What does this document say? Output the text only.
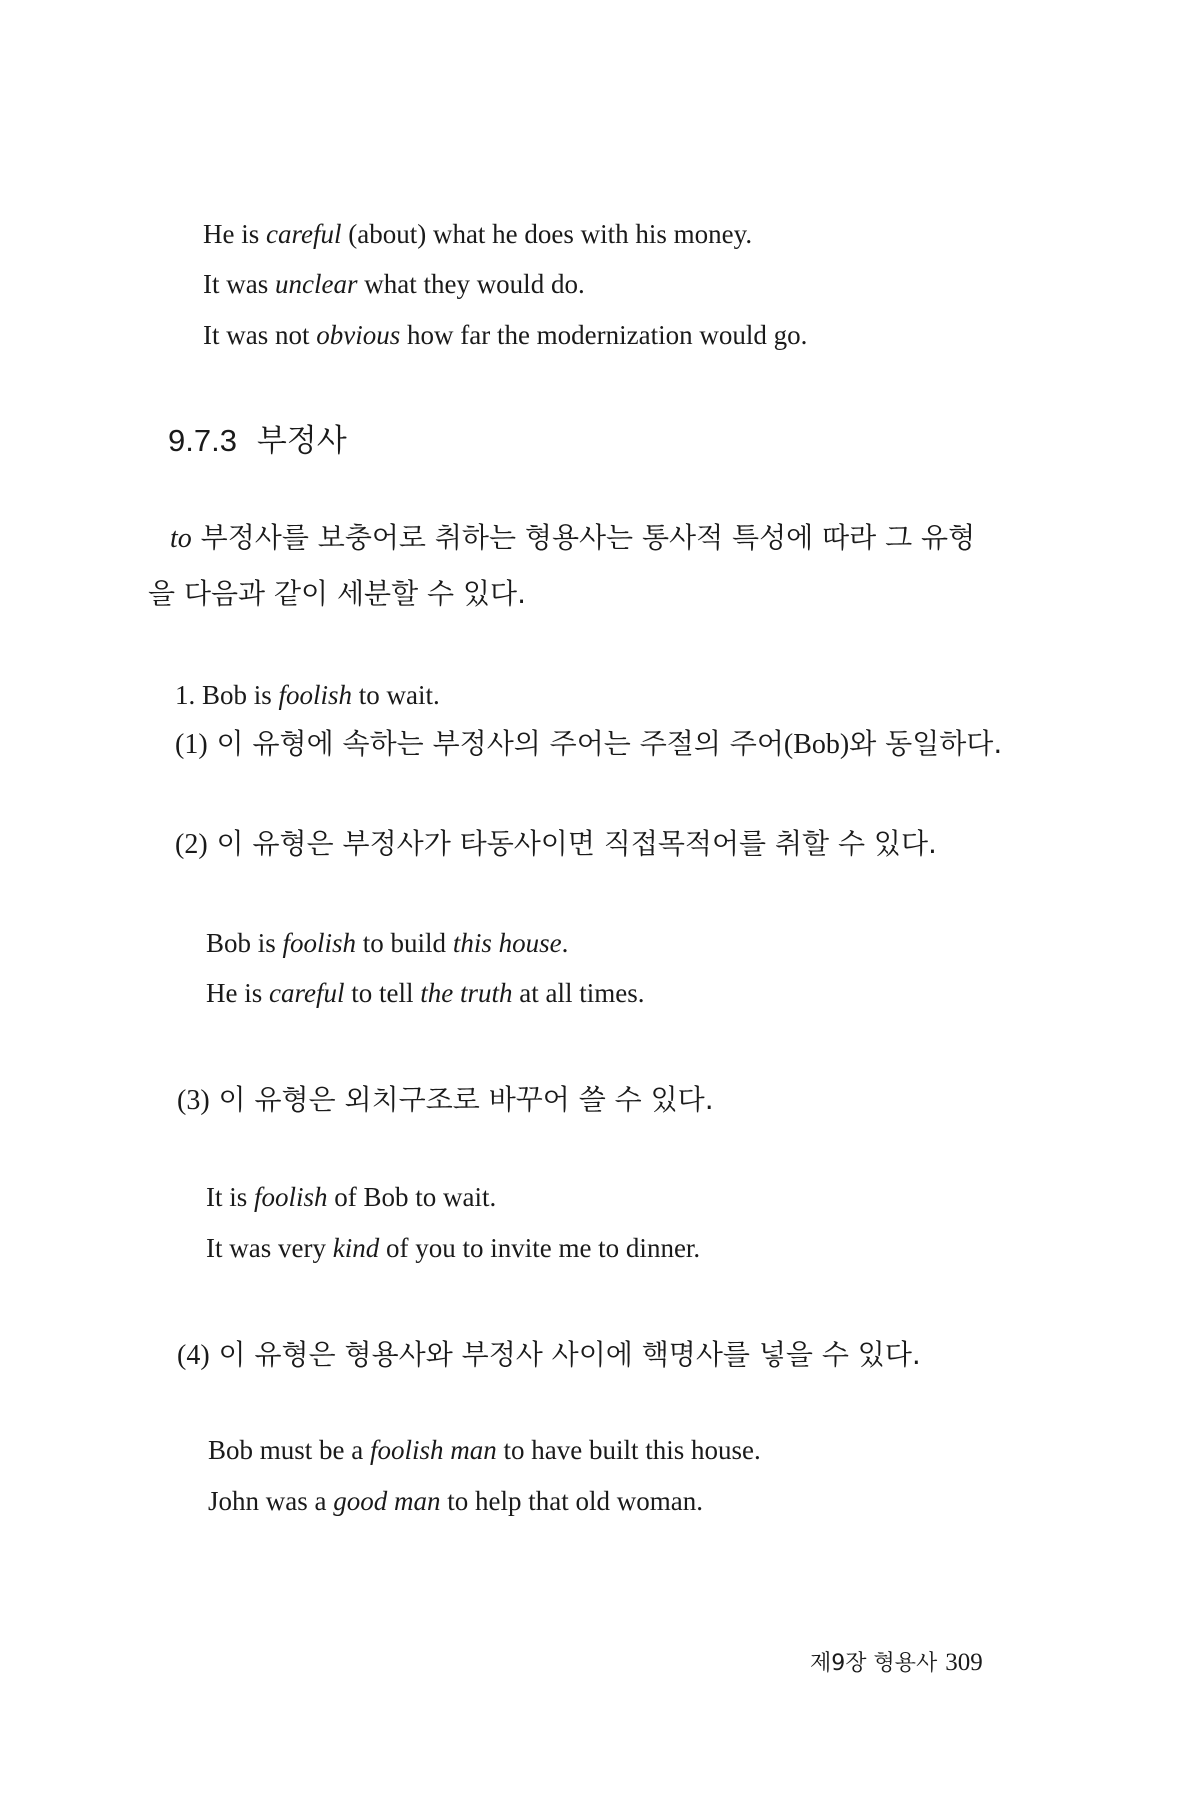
He is careful (about) what he does with his money.
It was unclear what they would do.
It was not obvious how far the modernization would go.
9.7.3 부정사
to 부정사를 보충어로 취하는 형용사는 통사적 특성에 따라 그 유형
을 다음과 같이 세분할 수 있다.
1. Bob is foolish to wait.
(1) 이 유형에 속하는 부정사의 주어는 주절의 주어(Bob)와 동일하다.
(2) 이 유형은 부정사가 타동사이면 직접목적어를 취할 수 있다.
Bob is foolish to build this house.
He is careful to tell the truth at all times.
(3) 이 유형은 외치구조로 바꾸어 쓸 수 있다.
It is foolish of Bob to wait.
It was very kind of you to invite me to dinner.
(4) 이 유형은 형용사와 부정사 사이에 핵명사를 넣을 수 있다.
Bob must be a foolish man to have built this house.
John was a good man to help that old woman.
제9장 형용사 309
